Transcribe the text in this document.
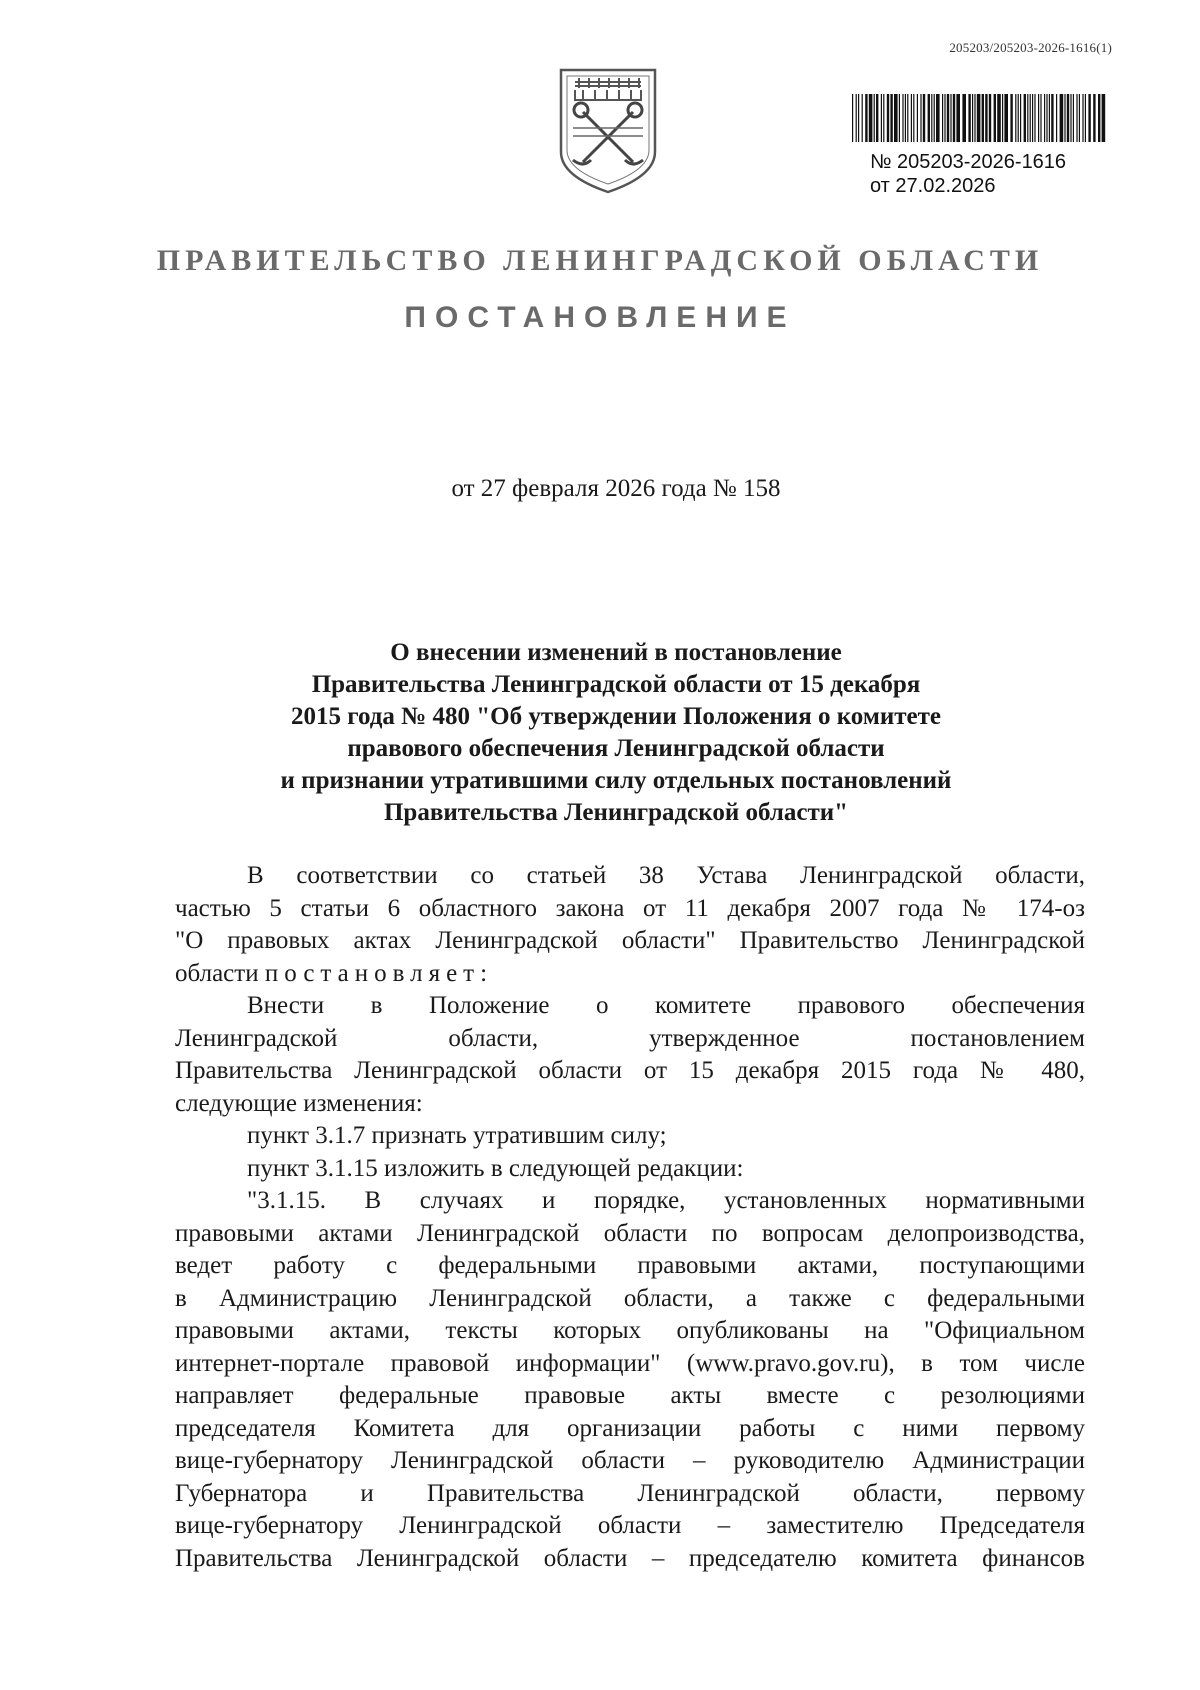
205203/205203-2026-1616(1)
№ 205203-2026-1616
от 27.02.2026
ПРАВИТЕЛЬСТВО ЛЕНИНГРАДСКОЙ ОБЛАСТИ
ПОСТАНОВЛЕНИЕ
от 27 февраля 2026 года № 158
О внесении изменений в постановление
Правительства Ленинградской области от 15 декабря
2015 года № 480 "Об утверждении Положения о комитете
правового обеспечения Ленинградской области
и признании утратившими силу отдельных постановлений
Правительства Ленинградской области"
В соответствии со статьей 38 Устава Ленинградской области,
частью 5 статьи 6 областного закона от 11 декабря 2007 года № 174-оз
"О правовых актах Ленинградской области" Правительство Ленинградской
области постановляет:
Внести в Положение о комитете правового обеспечения
Ленинградской области, утвержденное постановлением
Правительства Ленинградской области от 15 декабря 2015 года № 480,
следующие изменения:
пункт 3.1.7 признать утратившим силу;
пункт 3.1.15 изложить в следующей редакции:
"3.1.15. В случаях и порядке, установленных нормативными
правовыми актами Ленинградской области по вопросам делопроизводства,
ведет работу с федеральными правовыми актами, поступающими
в Администрацию Ленинградской области, а также с федеральными
правовыми актами, тексты которых опубликованы на "Официальном
интернет-портале правовой информации" (www.pravo.gov.ru), в том числе
направляет федеральные правовые акты вместе с резолюциями
председателя Комитета для организации работы с ними первому
вице-губернатору Ленинградской области – руководителю Администрации
Губернатора и Правительства Ленинградской области, первому
вице-губернатору Ленинградской области – заместителю Председателя
Правительства Ленинградской области – председателю комитета финансов
